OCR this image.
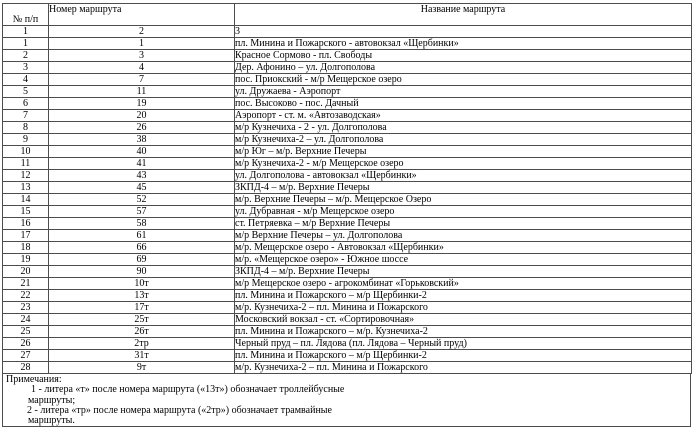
№ п/п	Номер маршрута	Название маршрута
1	2	3
1	1	пл. Минина и Пожарского - автовокзал «Щербинки»
2	3	Красное Сормово - пл. Свободы
3	4	Дер. Афонино – ул. Долгополова
4	7	пос. Приокский - м/р Мещерское озеро
5	11	ул. Дружаева - Аэропорт
6	19	пос. Высоково - пос. Дачный
7	20	Аэропорт - ст. м. «Автозаводская»
8	26	м/р Кузнечиха - 2 - ул. Долгополова
9	38	м/р Кузнечиха-2 – ул. Долгополова
10	40	м/р Юг – м/р. Верхние Печеры
11	41	м/р Кузнечиха-2 - м/р Мещерское озеро
12	43	ул. Долгополова - автовокзал «Щербинки»
13	45	ЗКПД-4 – м/р. Верхние Печеры
14	52	м/р. Верхние Печеры – м/р. Мещерское Озеро
15	57	ул. Дубравная - м/р Мещерское озеро
16	58	ст. Петряевка – м/р Верхние Печеры
17	61	м/р Верхние Печеры – ул. Долгополова
18	66	м/р. Мещерское озеро - Автовокзал «Щербинки»
19	69	м/р. «Мещерское озеро» - Южное шоссе
20	90	ЗКПД-4 – м/р. Верхние Печеры
21	10т	м/р Мещерское озеро - агрокомбинат «Горьковский»
22	13т	пл. Минина и Пожарского – м/р Щербинки-2
23	17т	м/р. Кузнечиха-2 – пл. Минина и Пожарского
24	25т	Московский вокзал - ст. «Сортировочная»
25	26т	пл. Минина и Пожарского – м/р. Кузнечиха-2
26	2тр	Черный пруд – пл. Лядова (пл. Лядова – Черный пруд)
27	31т	пл. Минина и Пожарского – м/р Щербинки-2
28	9т	м/р. Кузнечиха-2 – пл. Минина и Пожарского
Примечания:
1 - литера «т» после номера маршрута («13т») обозначает троллейбусные
маршруты;
2 - литера «тр» после номера маршрута («2тр») обозначает трамвайные
маршруты.
